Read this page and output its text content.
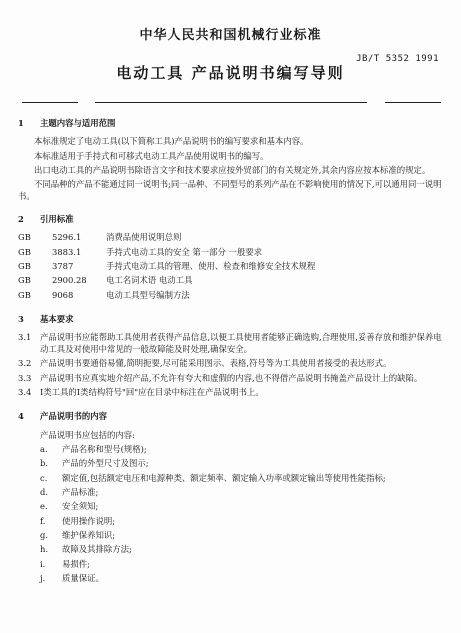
中华人民共和国机械行业标准
JB/T 5352 1991
电动工具 产品说明书编写导则
1	主题内容与适用范围

本标准规定了电动工具(以下简称工具)产品说明书的编写要求和基本内容。

本标准适用于手持式和可移式电动工具产品使用说明书的编写。

出口电动工具的产品说明书除语言文字和技术要求应按外贸部门的有关规定外,其余内容应按本标准的规定。

不同品种的产品不能通过同一说明书;同一品种、不同型号的系列产品在不影响使用的情况下,可以通用同一说明书。

2	引用标准
GB	5296.1	消费品使用说明总则
GB	3883.1	手持式电动工具的安全 第一部分 一般要求
GB	3787	手持式电动工具的管理、使用、检查和维修安全技术规程
GB	2900.28	电工名词术语 电动工具
GB	9068	电动工具型号编制方法
3	基本要求
3.1	产品说明书应能帮助工具使用者获得产品信息,以便工具使用者能够正确选购,合理使用,妥善存放和维护保养电动工具及对使用中常见的一般故障能及时处理,确保安全。
3.2	产品说明书要通俗易懂,简明扼要,尽可能采用图示、表格,符号等为工具使用者接受的表达形式。
3.3	产品说明书应真实地介绍产品,不允许有夸大和虚假的内容,也不得借产品说明书掩盖产品设计上的缺陷。
3.4	I类工具的I类结构符号"回"应在目录中标注在产品说明书上。
4	产品说明书的内容

产品说明书应包括的内容:

a.	产品名称和型号(规格);
b.	产品的外型尺寸及图示;
c.	额定值,包括额定电压和电源种类、额定频率、额定输入功率或额定输出等使用性能指标;
d.	产品标准;
e.	安全须知;
f.	使用操作说明;
g.	维护保养知识;
h.	故障及其排除方法;
i.	易损件;
j.	质量保证。
